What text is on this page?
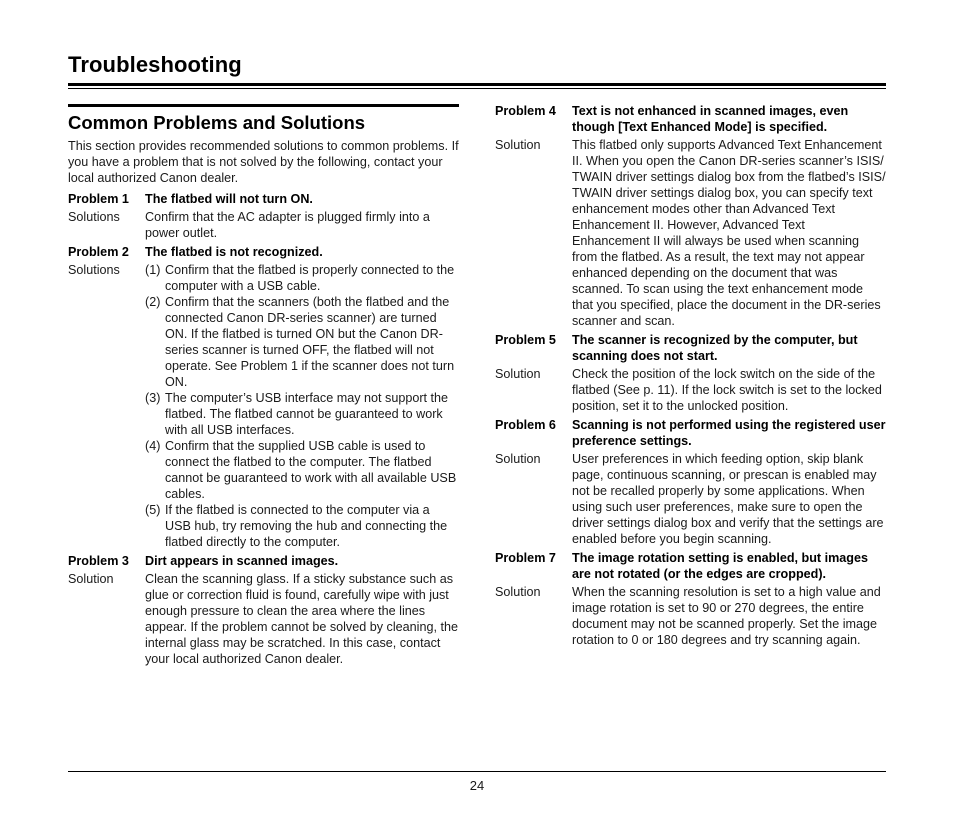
Troubleshooting
Common Problems and Solutions

This section provides recommended solutions to common problems. If you have a problem that is not solved by the following, contact your local authorized Canon dealer.

Problem 1	The flatbed will not turn ON.
Solutions	Confirm that the AC adapter is plugged firmly into a power outlet.
Problem 2	The flatbed is not recognized.
Solutions	(1) Confirm that the flatbed is properly connected to the computer with a USB cable.
(2) Confirm that the scanners (both the flatbed and the connected Canon DR-series scanner) are turned ON. If the flatbed is turned ON but the Canon DR-series scanner is turned OFF, the flatbed will not operate. See Problem 1 if the scanner does not turn ON.
(3) The computer’s USB interface may not support the flatbed. The flatbed cannot be guaranteed to work with all USB interfaces.
(4) Confirm that the supplied USB cable is used to connect the flatbed to the computer. The flatbed cannot be guaranteed to work with all available USB cables.
(5) If the flatbed is connected to the computer via a USB hub, try removing the hub and connecting the flatbed directly to the computer.
Problem 3	Dirt appears in scanned images.
Solution	Clean the scanning glass. If a sticky substance such as glue or correction fluid is found, carefully wipe with just enough pressure to clean the area where the lines appear. If the problem cannot be solved by cleaning, the internal glass may be scratched. In this case, contact your local authorized Canon dealer.
Problem 4	Text is not enhanced in scanned images, even though [Text Enhanced Mode] is specified.
Solution	This flatbed only supports Advanced Text Enhancement II. When you open the Canon DR-series scanner’s ISIS/ TWAIN driver settings dialog box from the flatbed’s ISIS/ TWAIN driver settings dialog box, you can specify text enhancement modes other than Advanced Text Enhancement II. However, Advanced Text Enhancement II will always be used when scanning from the flatbed. As a result, the text may not appear enhanced depending on the document that was scanned. To scan using the text enhancement mode that you specified, place the document in the DR-series scanner and scan.
Problem 5	The scanner is recognized by the computer, but scanning does not start.
Solution	Check the position of the lock switch on the side of the flatbed (See p. 11). If the lock switch is set to the locked position, set it to the unlocked position.
Problem 6	Scanning is not performed using the registered user preference settings.
Solution	User preferences in which feeding option, skip blank page, continuous scanning, or prescan is enabled may not be recalled properly by some applications. When using such user preferences, make sure to open the driver settings dialog box and verify that the settings are enabled before you begin scanning.
Problem 7	The image rotation setting is enabled, but images are not rotated (or the edges are cropped).
Solution	When the scanning resolution is set to a high value and image rotation is set to 90 or 270 degrees, the entire document may not be scanned properly. Set the image rotation to 0 or 180 degrees and try scanning again.
24
